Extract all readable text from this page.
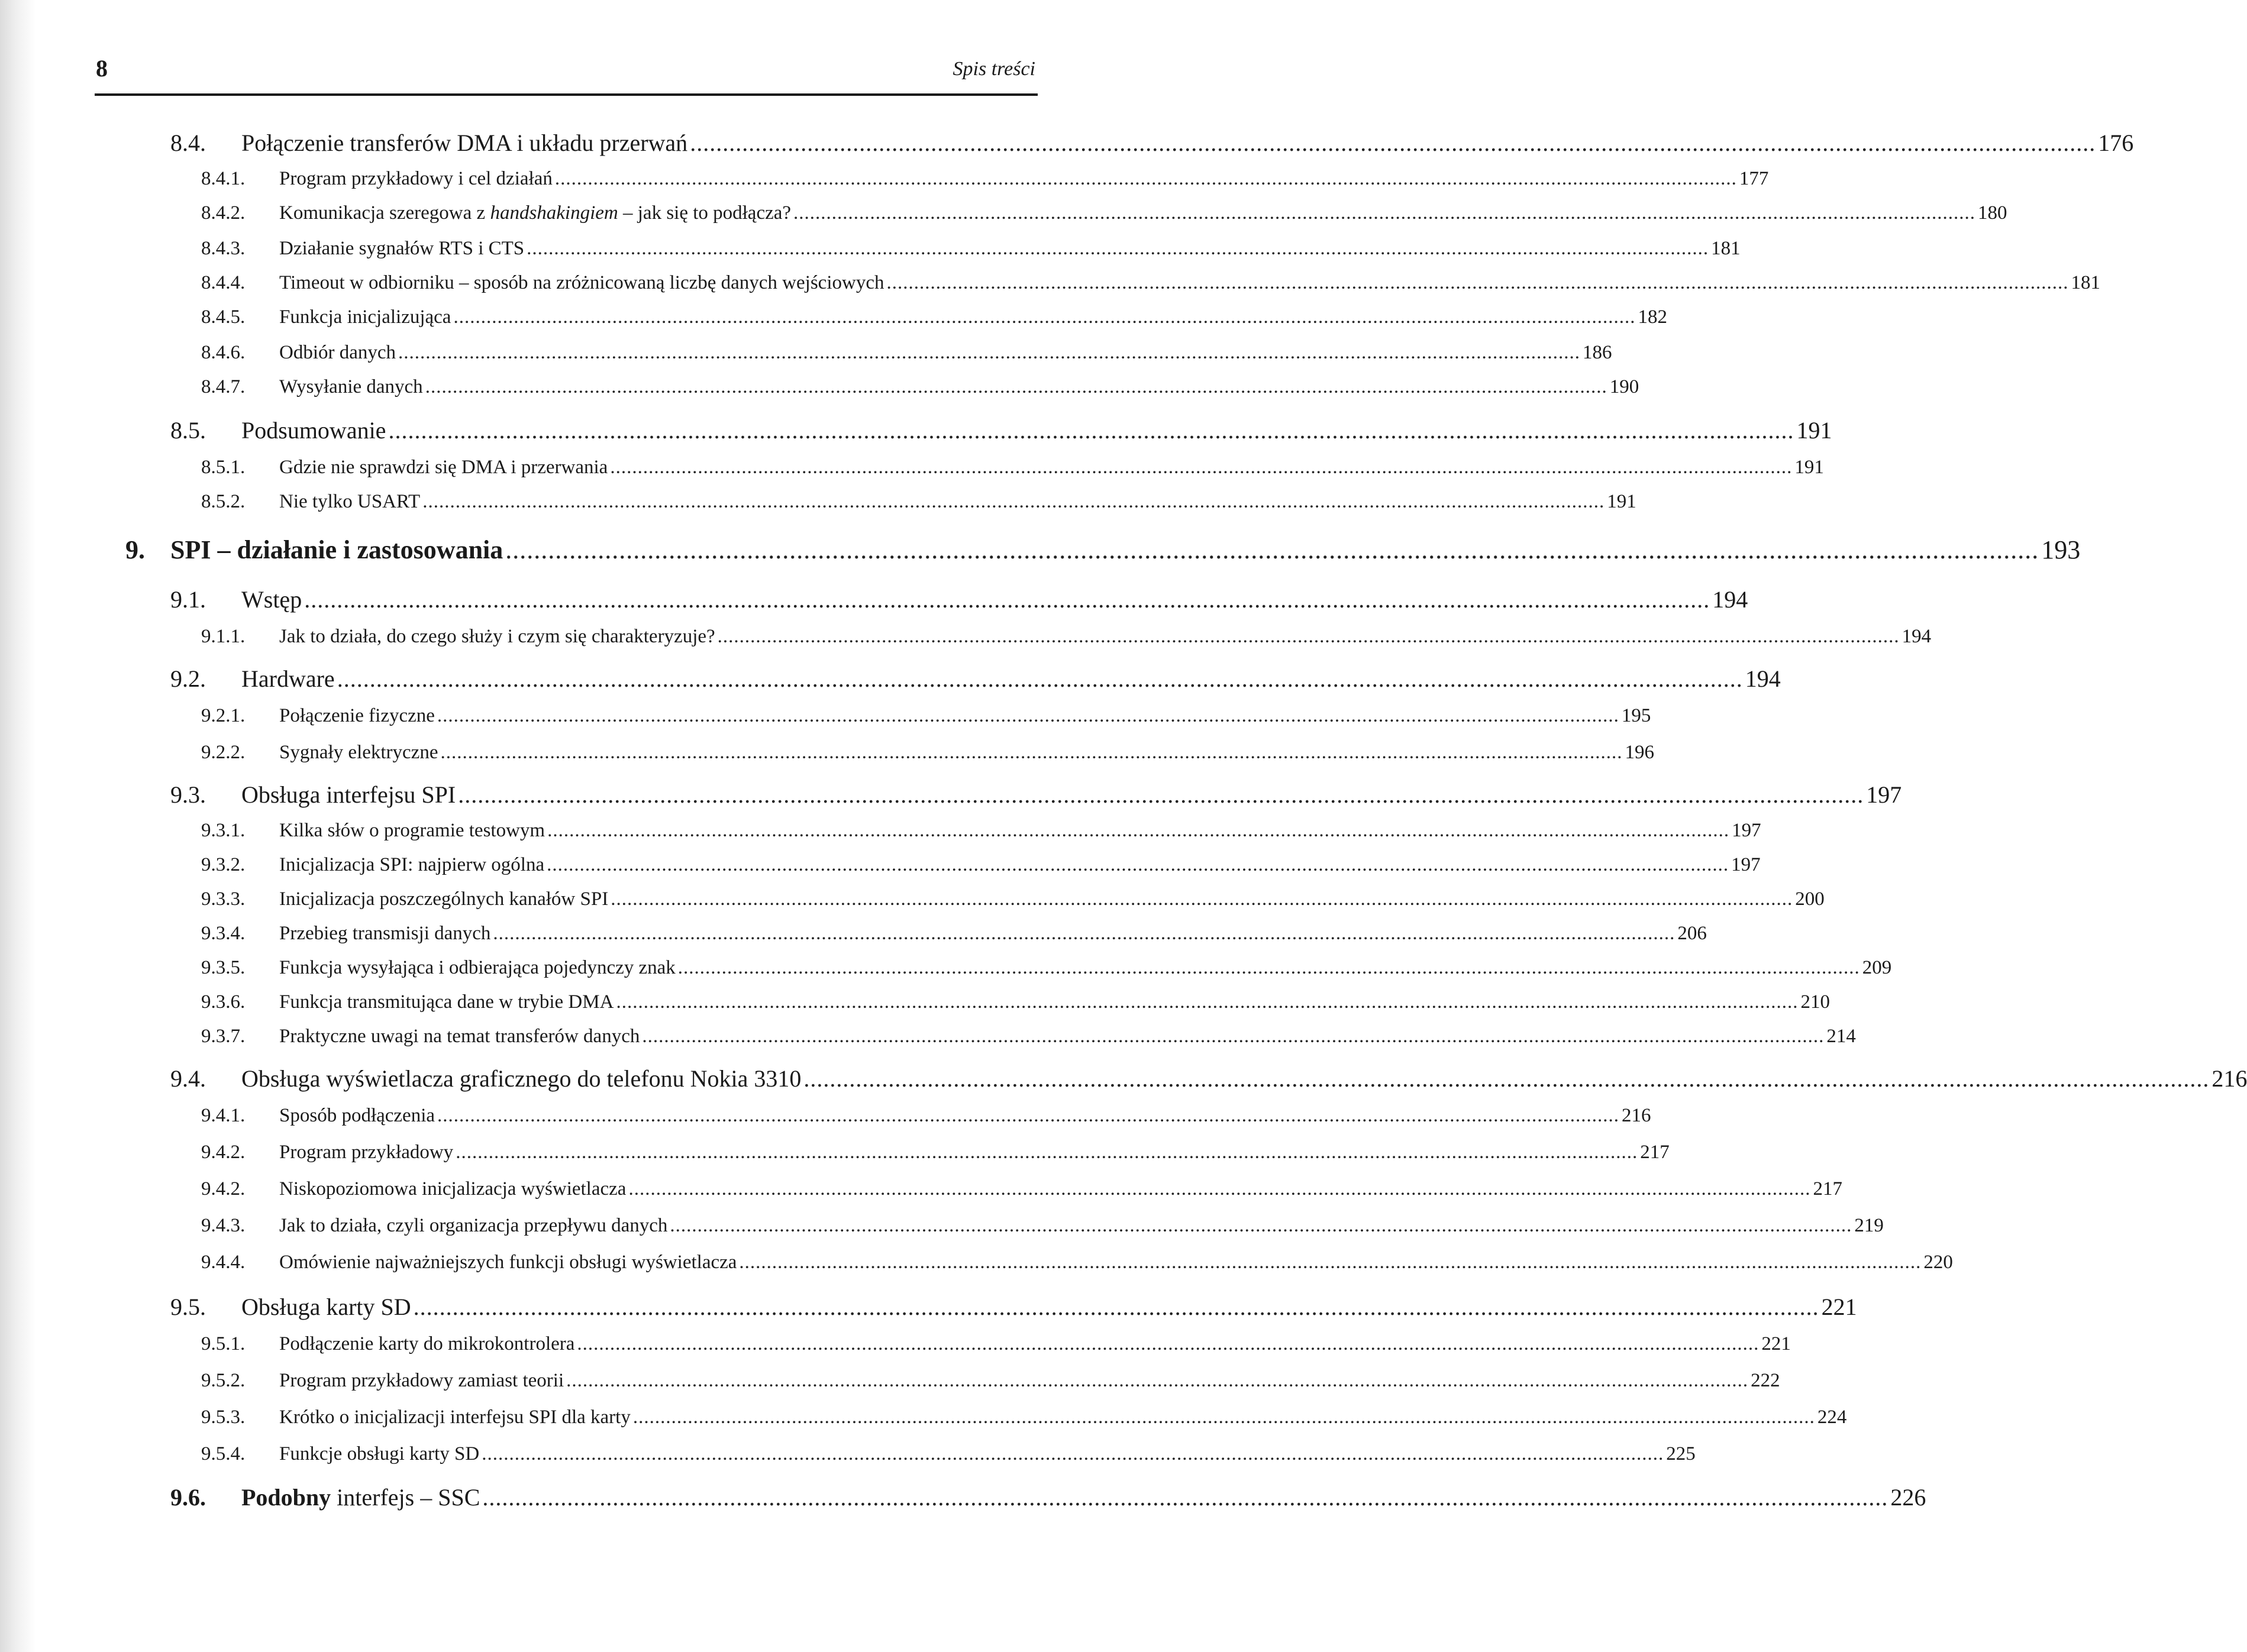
8	Spis treści
8.4.	Połączenie transferów DMA i układu przerwań ........................................................................................................................................................................................................................ 176
8.4.1.	Program przykładowy i cel działań ........................................................................................................................................................................................................................ 177
8.4.2.	Komunikacja szeregowa z handshakingiem – jak się to podłącza? ........................................................................................................................................................................................................................ 180
8.4.3.	Działanie sygnałów RTS i CTS ........................................................................................................................................................................................................................ 181
8.4.4.	Timeout w odbiorniku – sposób na zróżnicowaną liczbę danych wejściowych ........................................................................................................................................................................................................................ 181
8.4.5.	Funkcja inicjalizująca ........................................................................................................................................................................................................................ 182
8.4.6.	Odbiór danych ........................................................................................................................................................................................................................ 186
8.4.7.	Wysyłanie danych ........................................................................................................................................................................................................................ 190
8.5.	Podsumowanie ........................................................................................................................................................................................................................ 191
8.5.1.	Gdzie nie sprawdzi się DMA i przerwania ........................................................................................................................................................................................................................ 191
8.5.2.	Nie tylko USART ........................................................................................................................................................................................................................ 191
9. SPI – działanie i zastosowania ........................................................................................................................................................................................................................ 193
9.1.	Wstęp ........................................................................................................................................................................................................................ 194
9.1.1.	Jak to działa, do czego służy i czym się charakteryzuje? ........................................................................................................................................................................................................................ 194
9.2.	Hardware ........................................................................................................................................................................................................................ 194
9.2.1.	Połączenie fizyczne ........................................................................................................................................................................................................................ 195
9.2.2.	Sygnały elektryczne ........................................................................................................................................................................................................................ 196
9.3.	Obsługa interfejsu SPI ........................................................................................................................................................................................................................ 197
9.3.1.	Kilka słów o programie testowym ........................................................................................................................................................................................................................ 197
9.3.2.	Inicjalizacja SPI: najpierw ogólna ........................................................................................................................................................................................................................ 197
9.3.3.	Inicjalizacja poszczególnych kanałów SPI ........................................................................................................................................................................................................................ 200
9.3.4.	Przebieg transmisji danych ........................................................................................................................................................................................................................ 206
9.3.5.	Funkcja wysyłająca i odbierająca pojedynczy znak ........................................................................................................................................................................................................................ 209
9.3.6.	Funkcja transmitująca dane w trybie DMA ........................................................................................................................................................................................................................ 210
9.3.7.	Praktyczne uwagi na temat transferów danych ........................................................................................................................................................................................................................ 214
9.4.	Obsługa wyświetlacza graficznego do telefonu Nokia 3310 ........................................................................................................................................................................................................................ 216
9.4.1.	Sposób podłączenia ........................................................................................................................................................................................................................ 216
9.4.2.	Program przykładowy ........................................................................................................................................................................................................................ 217
9.4.2.	Niskopoziomowa inicjalizacja wyświetlacza ........................................................................................................................................................................................................................ 217
9.4.3.	Jak to działa, czyli organizacja przepływu danych ........................................................................................................................................................................................................................ 219
9.4.4.	Omówienie najważniejszych funkcji obsługi wyświetlacza ........................................................................................................................................................................................................................ 220
9.5.	Obsługa karty SD ........................................................................................................................................................................................................................ 221
9.5.1.	Podłączenie karty do mikrokontrolera ........................................................................................................................................................................................................................ 221
9.5.2.	Program przykładowy zamiast teorii ........................................................................................................................................................................................................................ 222
9.5.3.	Krótko o inicjalizacji interfejsu SPI dla karty ........................................................................................................................................................................................................................ 224
9.5.4.	Funkcje obsługi karty SD ........................................................................................................................................................................................................................ 225
9.6.	Podobny interfejs – SSC ........................................................................................................................................................................................................................ 226
